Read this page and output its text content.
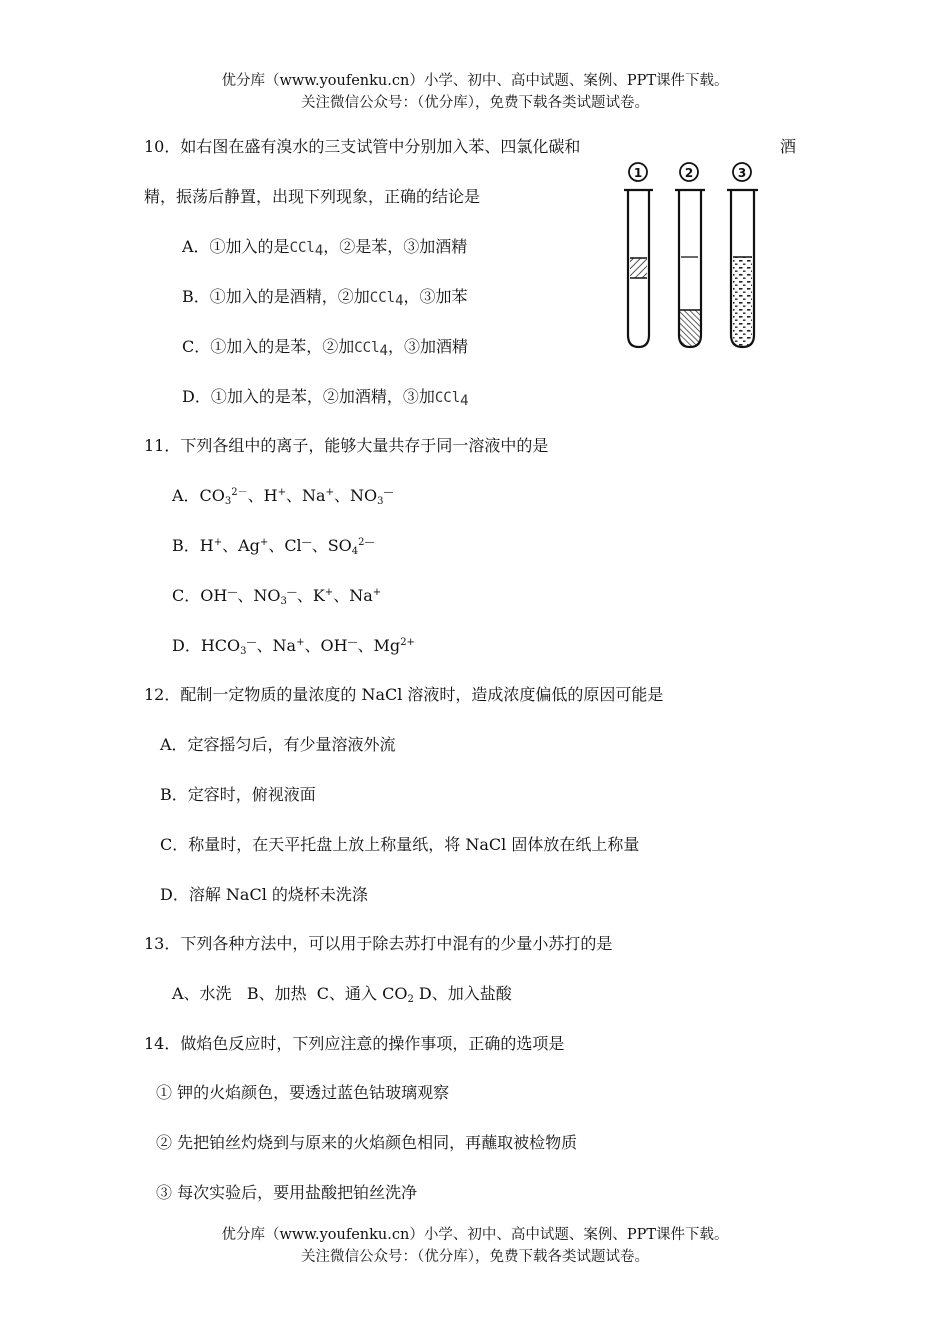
优分库（www.youfenku.cn）小学、初中、高中试题、案例、PPT课件下载。
关注微信公众号：（优分库），免费下载各类试题试卷。
10．如右图在盛有溴水的三支试管中分别加入苯、四氯化碳和	酒
精，振荡后静置，出现下列现象，正确的结论是
A．①加入的是CCl$_4$，②是苯，③加酒精
B．①加入的是酒精，②加CCl$_4$，③加苯
C．①加入的是苯，②加CCl$_4$，③加酒精
D．①加入的是苯，②加酒精，③加CCl$_4$
1	2	3
11．下列各组中的离子，能够大量共存于同一溶液中的是
A．$CO_3^{2-}$、H+、Na+、$NO_3^—$
B．H+、Ag+、Cl—、$SO_4^{2—}$
C．OH—、$NO_3^—$、K+、Na+
D．$HCO_3^—$、Na+、OH—、$Mg^{2+}$
12．配制一定物质的量浓度的 NaCl 溶液时，造成浓度偏低的原因可能是
A．定容摇匀后，有少量溶液外流
B．定容时，俯视液面
C．称量时，在天平托盘上放上称量纸，将 NaCl 固体放在纸上称量
D．溶解 NaCl 的烧杯未洗涤
13．下列各种方法中，可以用于除去苏打中混有的少量小苏打的是
A、水洗   B、加热  C、通入 $CO_2$ D、加入盐酸
14．做焰色反应时，下列应注意的操作事项，正确的选项是
① 钾的火焰颜色，要透过蓝色钴玻璃观察
② 先把铂丝灼烧到与原来的火焰颜色相同，再蘸取被检物质
③ 每次实验后，要用盐酸把铂丝洗净
优分库（www.youfenku.cn）小学、初中、高中试题、案例、PPT课件下载。
关注微信公众号：（优分库），免费下载各类试题试卷。
